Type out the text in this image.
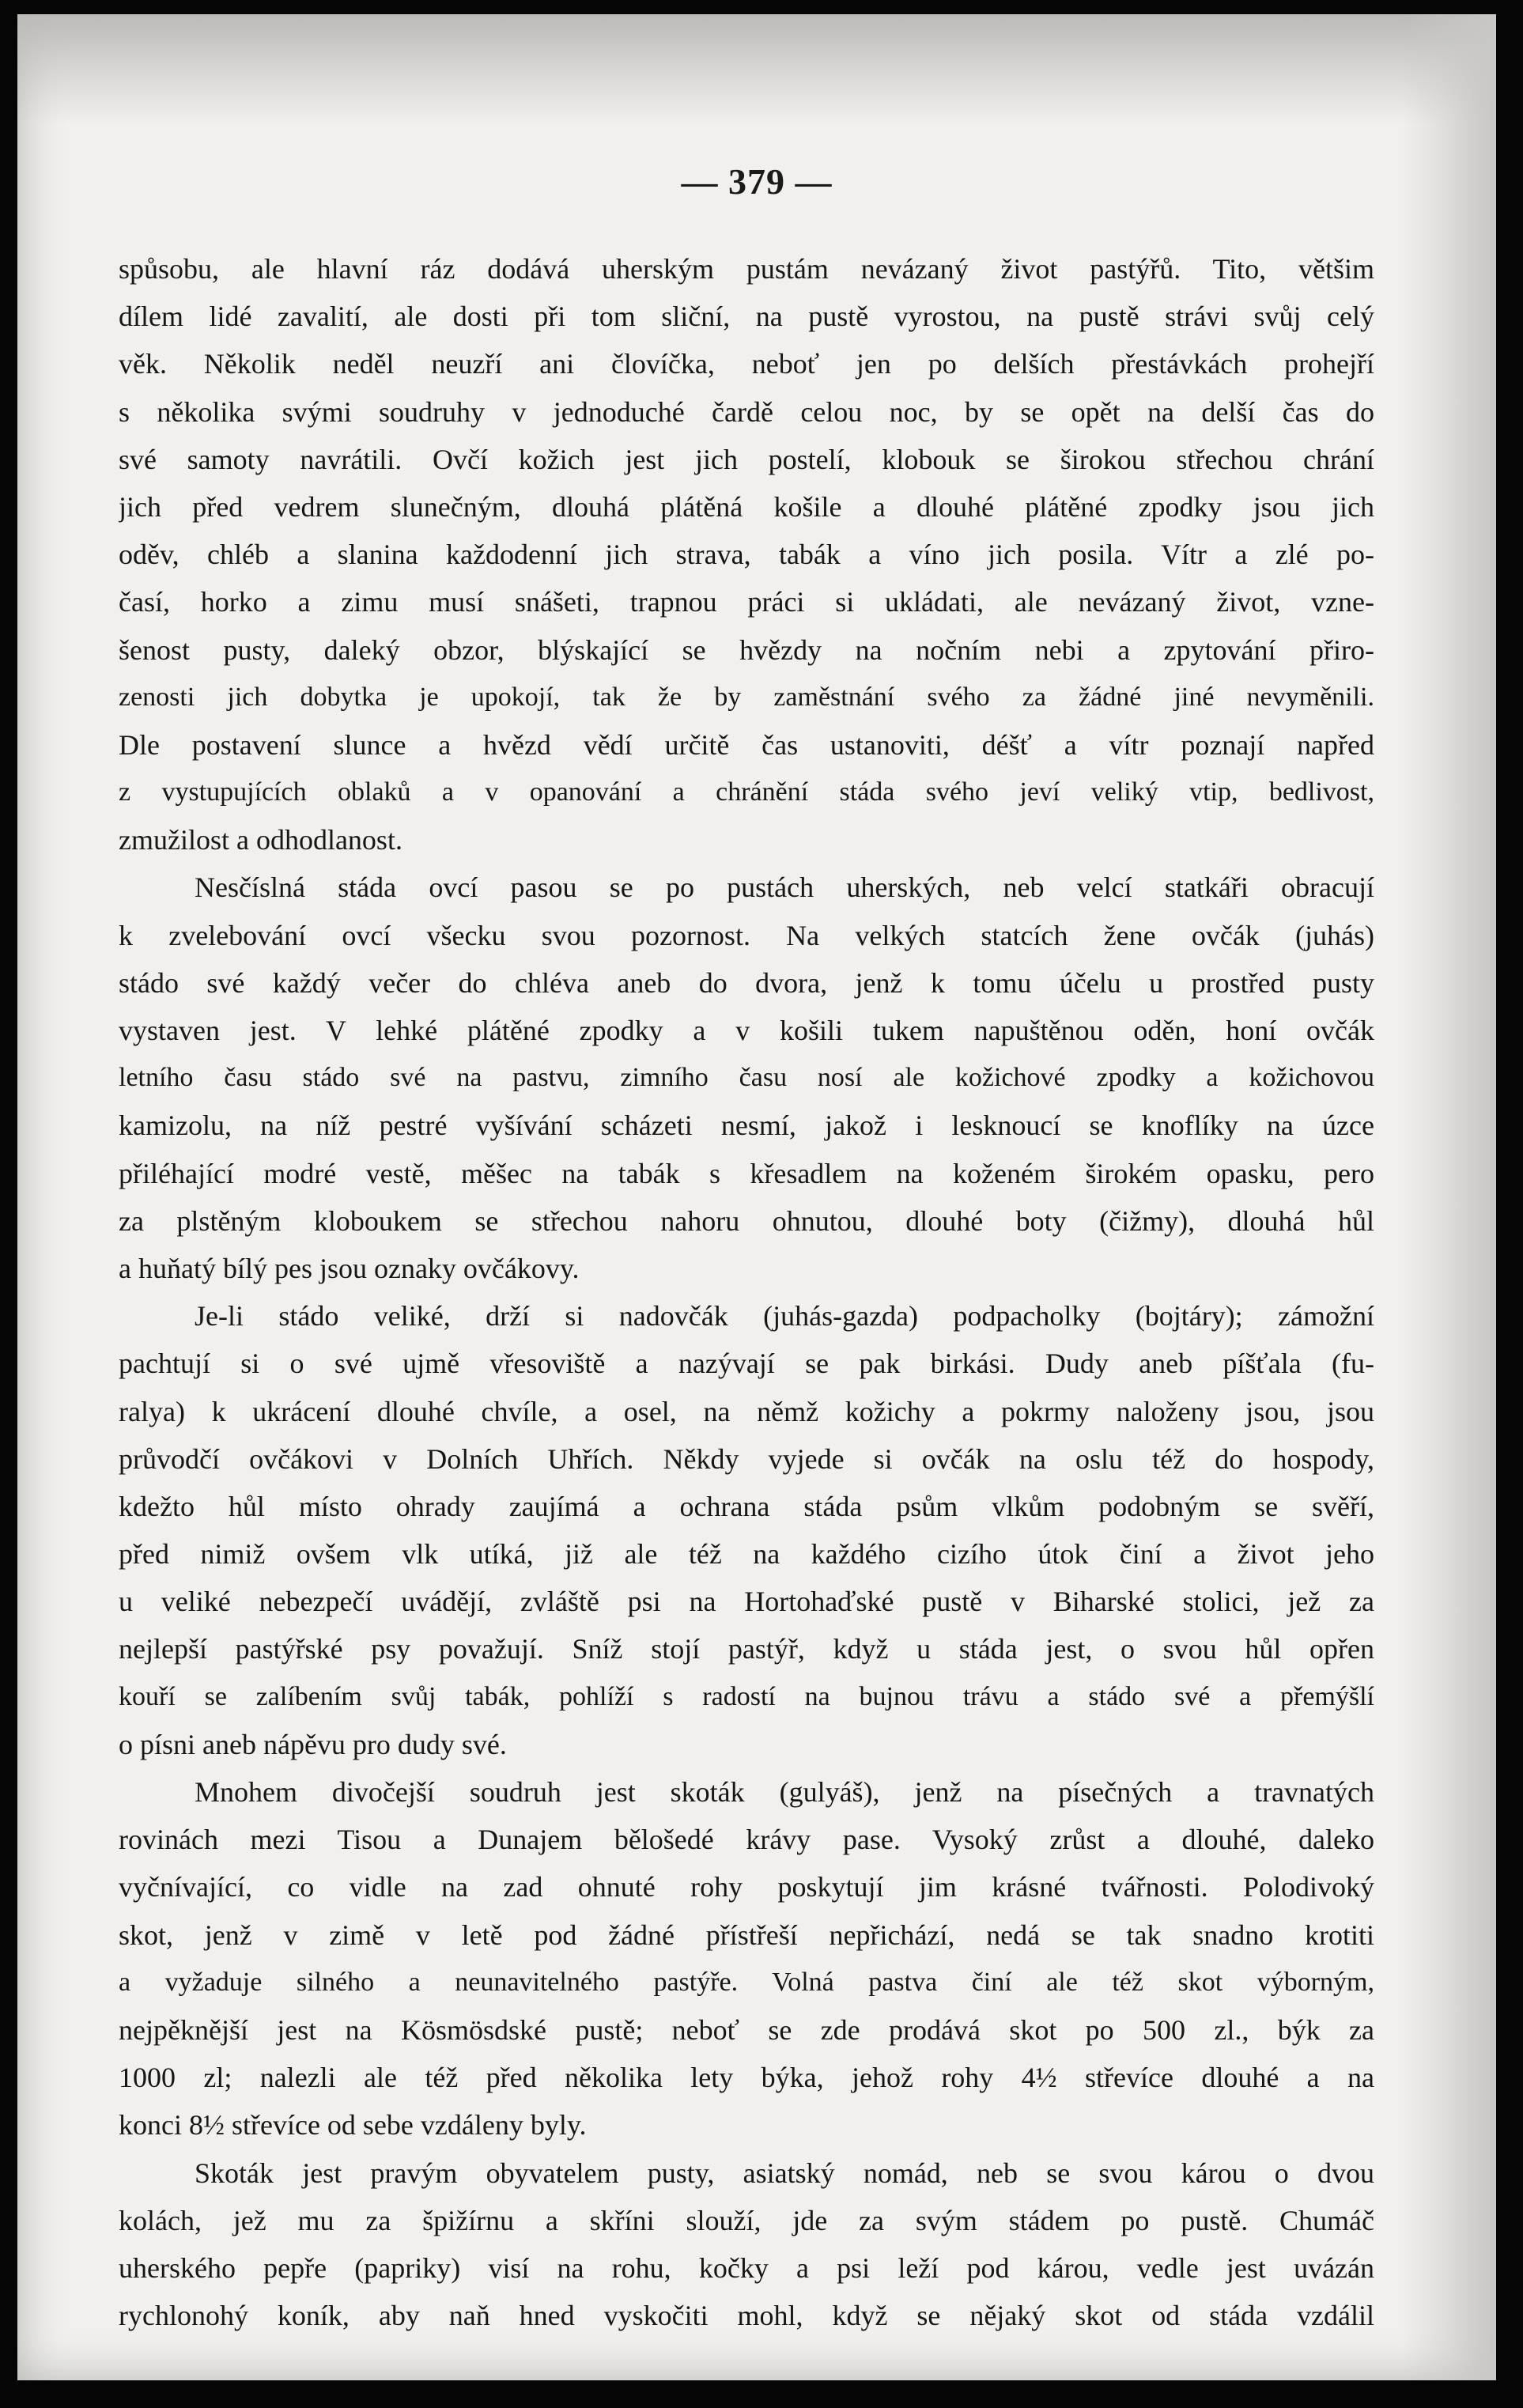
— 379 —
spůsobu, ale hlavní ráz dodává uherským pustám nevázaný život pastýřů. Tito, většim
dílem lidé zavalití, ale dosti při tom sliční, na pustě vyrostou, na pustě strávi svůj celý
věk. Několik neděl neuzří ani človíčka, neboť jen po delších přestávkách prohejří
s několika svými soudruhy v jednoduché čardě celou noc, by se opět na delší čas do
své samoty navrátili. Ovčí kožich jest jich postelí, klobouk se širokou střechou chrání
jich před vedrem slunečným, dlouhá plátěná košile a dlouhé plátěné zpodky jsou jich
oděv, chléb a slanina každodenní jich strava, tabák a víno jich posila. Vítr a zlé po-
časí, horko a zimu musí snášeti, trapnou práci si ukládati, ale nevázaný život, vzne-
šenost pusty, daleký obzor, blýskající se hvězdy na nočním nebi a zpytování přiro-
zenosti jich dobytka je upokojí, tak že by zaměstnání svého za žádné jiné nevyměnili.
Dle postavení slunce a hvězd vědí určitě čas ustanoviti, déšť a vítr poznají napřed
z vystupujících oblaků a v opanování a chránění stáda svého jeví veliký vtip, bedlivost,
zmužilost a odhodlanost.
Nesčíslná stáda ovcí pasou se po pustách uherských, neb velcí statkáři obracují
k zvelebování ovcí všecku svou pozornost. Na velkých statcích žene ovčák (juhás)
stádo své každý večer do chléva aneb do dvora, jenž k tomu účelu u prostřed pusty
vystaven jest. V lehké plátěné zpodky a v košili tukem napuštěnou oděn, honí ovčák
letního času stádo své na pastvu, zimního času nosí ale kožichové zpodky a kožichovou
kamizolu, na níž pestré vyšívání scházeti nesmí, jakož i lesknoucí se knoflíky na úzce
přiléhající modré vestě, měšec na tabák s křesadlem na koženém širokém opasku, pero
za plstěným kloboukem se střechou nahoru ohnutou, dlouhé boty (čižmy), dlouhá hůl
a huňatý bílý pes jsou oznaky ovčákovy.
Je-li stádo veliké, drží si nadovčák (juhás-gazda) podpacholky (bojtáry); zámožní
pachtují si o své ujmě vřesoviště a nazývají se pak birkási. Dudy aneb píšťala (fu-
ralya) k ukrácení dlouhé chvíle, a osel, na němž kožichy a pokrmy naloženy jsou, jsou
průvodčí ovčákovi v Dolních Uhřích. Někdy vyjede si ovčák na oslu též do hospody,
kdežto hůl místo ohrady zaujímá a ochrana stáda psům vlkům podobným se svěří,
před nimiž ovšem vlk utíká, již ale též na každého cizího útok činí a život jeho
u veliké nebezpečí uvádějí, zvláště psi na Hortohaďské pustě v Biharské stolici, jež za
nejlepší pastýřské psy považují. Sníž stojí pastýř, když u stáda jest, o svou hůl opřen
kouří se zalíbením svůj tabák, pohlíží s radostí na bujnou trávu a stádo své a přemýšlí
o písni aneb nápěvu pro dudy své.
Mnohem divočejší soudruh jest skoták (gulyáš), jenž na písečných a travnatých
rovinách mezi Tisou a Dunajem bělošedé krávy pase. Vysoký zrůst a dlouhé, daleko
vyčnívající, co vidle na zad ohnuté rohy poskytují jim krásné tvářnosti. Polodivoký
skot, jenž v zimě v letě pod žádné přístřeší nepřichází, nedá se tak snadno krotiti
a vyžaduje silného a neunavitelného pastýře. Volná pastva činí ale též skot výborným,
nejpěknější jest na Kösmösdské pustě; neboť se zde prodává skot po 500 zl., býk za
1000 zl; nalezli ale též před několika lety býka, jehož rohy 4½ střevíce dlouhé a na
konci 8½ střevíce od sebe vzdáleny byly.
Skoták jest pravým obyvatelem pusty, asiatský nomád, neb se svou károu o dvou
kolách, jež mu za špižírnu a skříni slouží, jde za svým stádem po pustě. Chumáč
uherského pepře (papriky) visí na rohu, kočky a psi leží pod károu, vedle jest uvázán
rychlonohý koník, aby naň hned vyskočiti mohl, když se nějaký skot od stáda vzdálil
